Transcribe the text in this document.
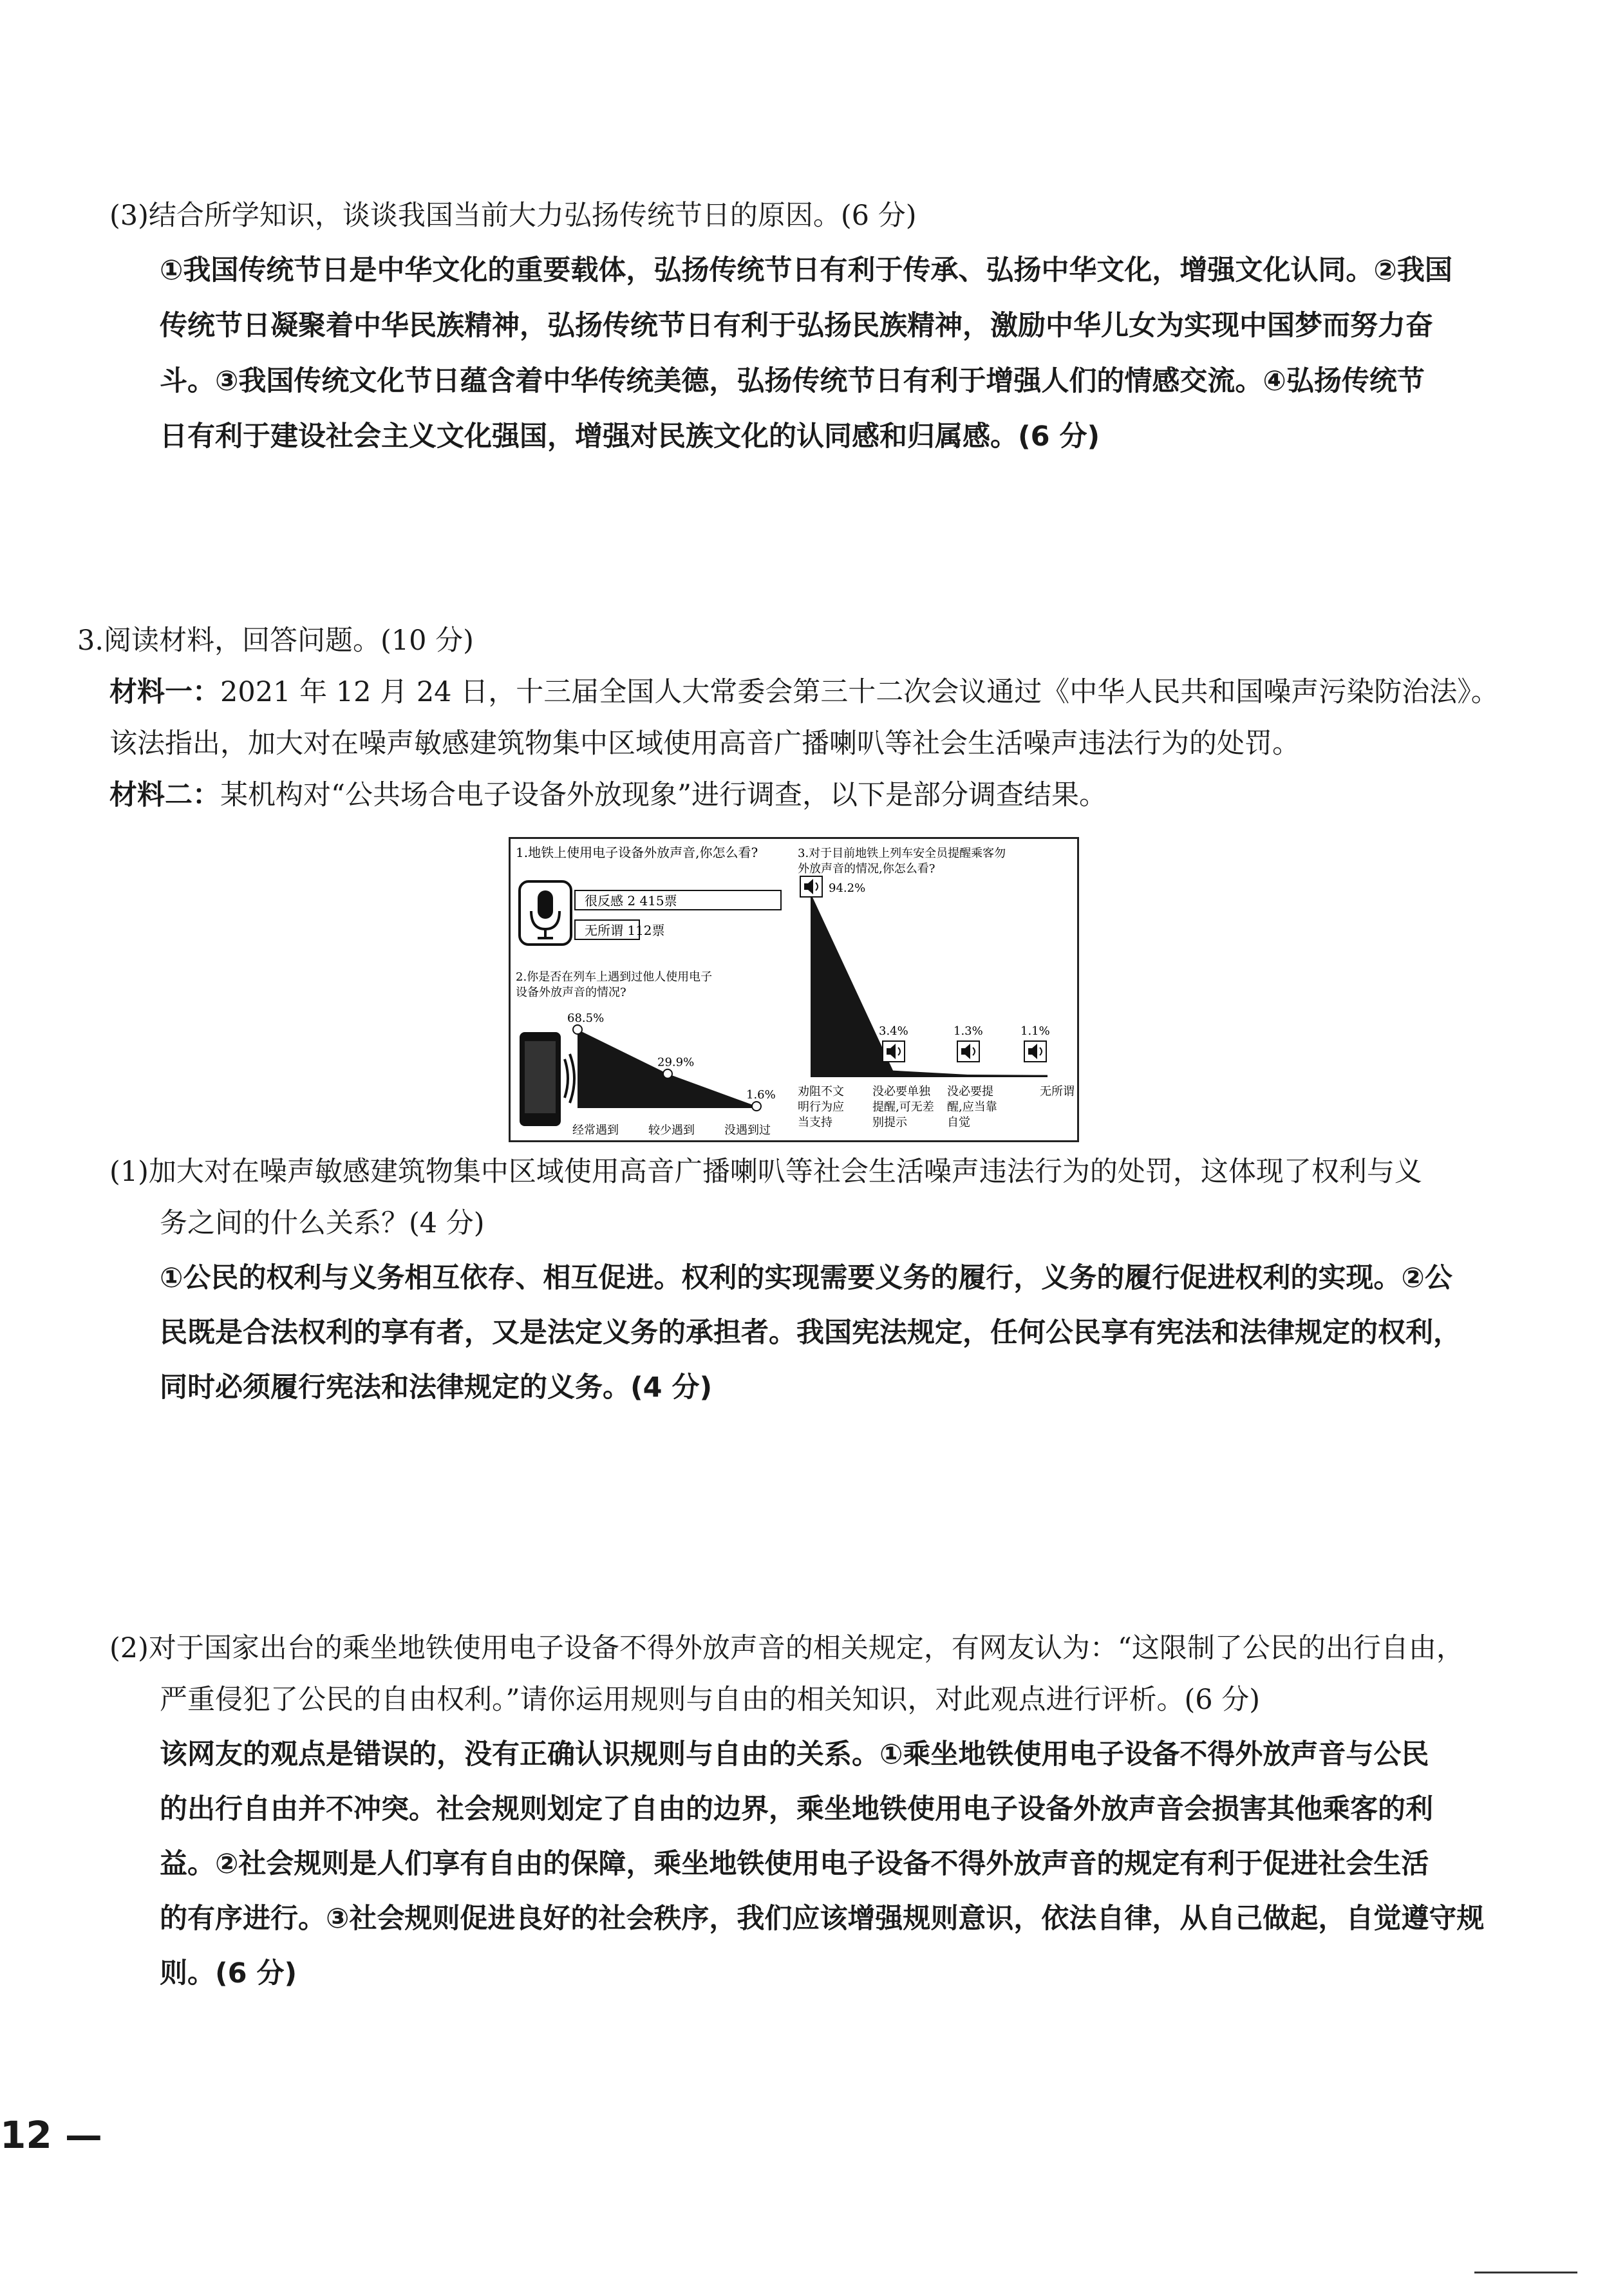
(3)结合所学知识，谈谈我国当前大力弘扬传统节日的原因。(6 分)
①我国传统节日是中华文化的重要载体，弘扬传统节日有利于传承、弘扬中华文化，增强文化认同。②我国
传统节日凝聚着中华民族精神，弘扬传统节日有利于弘扬民族精神，激励中华儿女为实现中国梦而努力奋
斗。③我国传统文化节日蕴含着中华传统美德，弘扬传统节日有利于增强人们的情感交流。④弘扬传统节
日有利于建设社会主义文化强国，增强对民族文化的认同感和归属感。(6 分)
3.阅读材料，回答问题。(10 分)
材料一：2021 年 12 月 24 日，十三届全国人大常委会第三十二次会议通过《中华人民共和国噪声污染防治法》。
该法指出，加大对在噪声敏感建筑物集中区域使用高音广播喇叭等社会生活噪声违法行为的处罚。
材料二：某机构对“公共场合电子设备外放现象”进行调查，以下是部分调查结果。
1.地铁上使用电子设备外放声音,你怎么看?
很反感 2 415票
无所谓 112票
2.你是否在列车上遇到过他人使用电子
设备外放声音的情况?
68.5%
29.9%
1.6%
经常遇到	较少遇到	没遇到过
3.对于目前地铁上列车安全员提醒乘客勿
外放声音的情况,你怎么看?
94.2%
3.4%	1.3%	1.1%
劝阻不文
明行为应
当支持
没必要单独
提醒,可无差
别提示
没必要提
醒,应当靠
自觉
无所谓
(1)加大对在噪声敏感建筑物集中区域使用高音广播喇叭等社会生活噪声违法行为的处罚，这体现了权利与义
务之间的什么关系？(4 分)
①公民的权利与义务相互依存、相互促进。权利的实现需要义务的履行，义务的履行促进权利的实现。②公
民既是合法权利的享有者，又是法定义务的承担者。我国宪法规定，任何公民享有宪法和法律规定的权利，
同时必须履行宪法和法律规定的义务。(4 分)
(2)对于国家出台的乘坐地铁使用电子设备不得外放声音的相关规定，有网友认为：“这限制了公民的出行自由，
严重侵犯了公民的自由权利。”请你运用规则与自由的相关知识，对此观点进行评析。(6 分)
该网友的观点是错误的，没有正确认识规则与自由的关系。①乘坐地铁使用电子设备不得外放声音与公民
的出行自由并不冲突。社会规则划定了自由的边界，乘坐地铁使用电子设备外放声音会损害其他乘客的利
益。②社会规则是人们享有自由的保障，乘坐地铁使用电子设备不得外放声音的规定有利于促进社会生活
的有序进行。③社会规则促进良好的社会秩序，我们应该增强规则意识，依法自律，从自己做起，自觉遵守规
则。(6 分)
12 —
